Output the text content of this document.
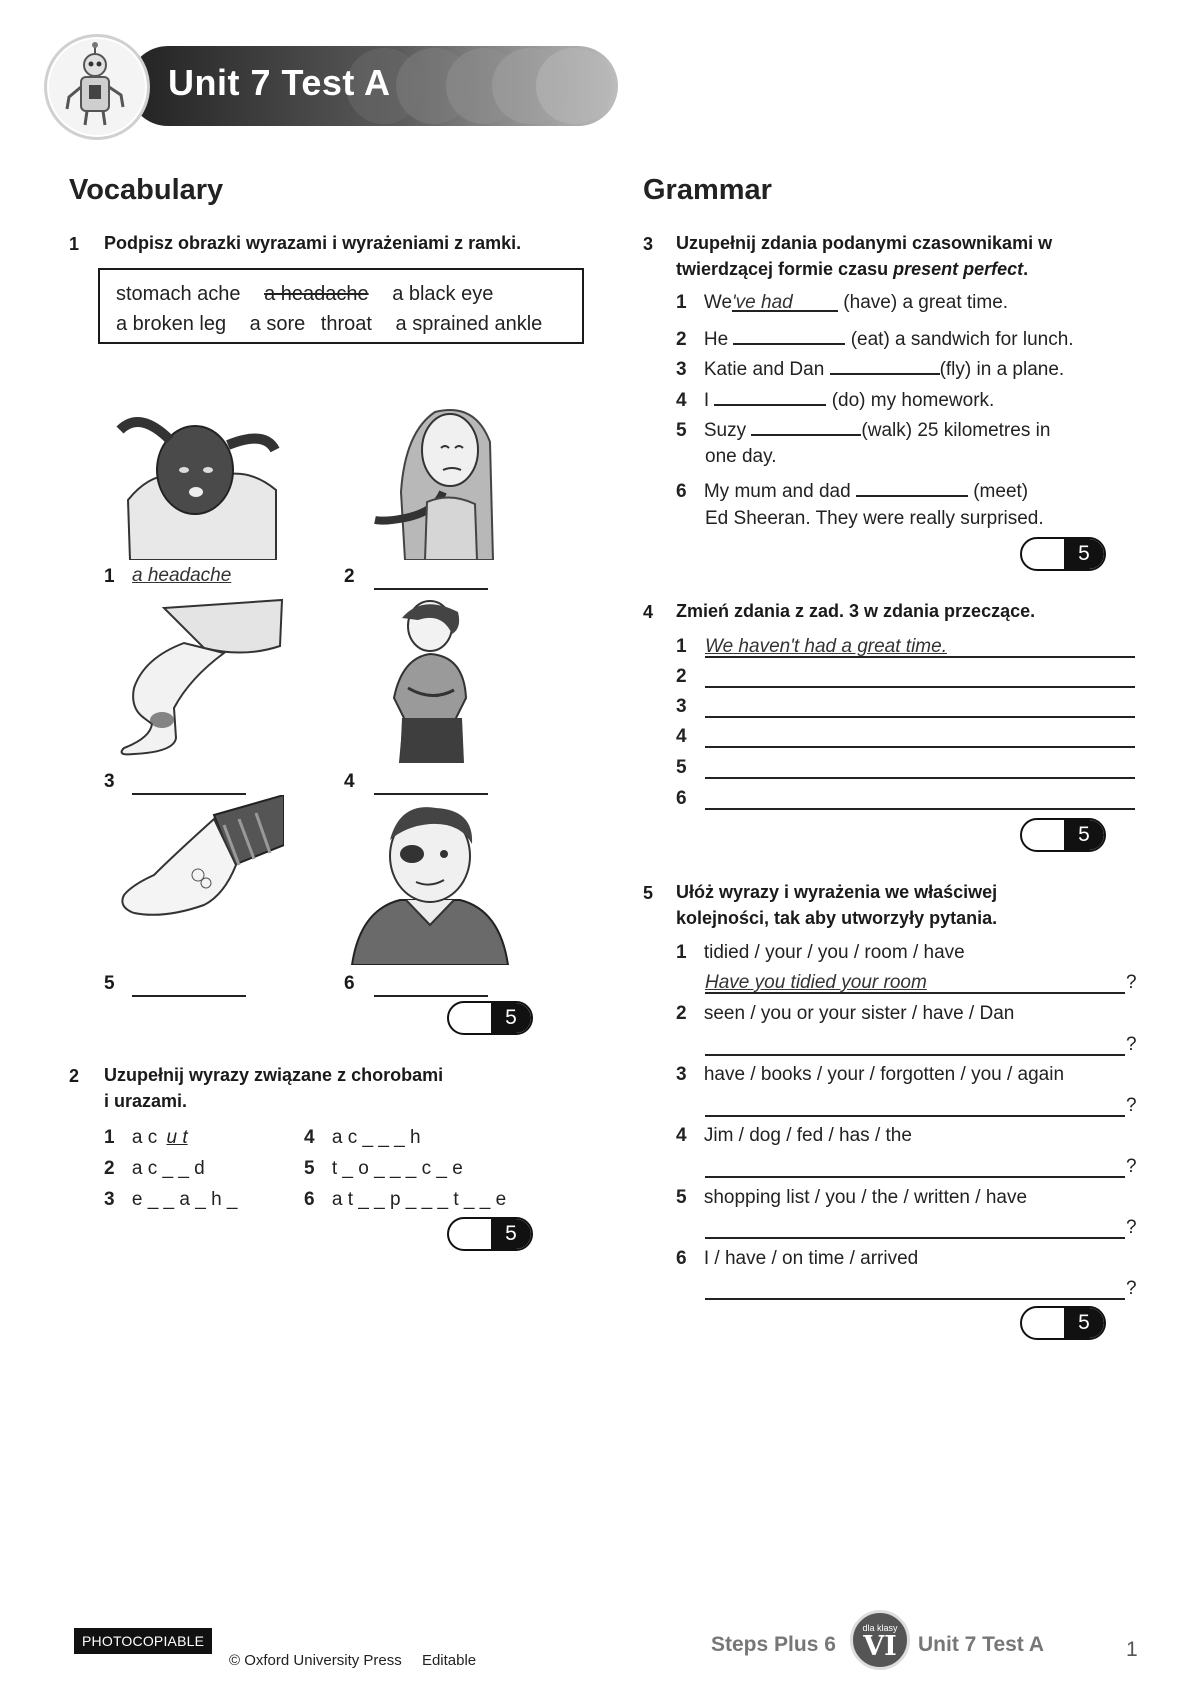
Unit 7 Test A
Vocabulary
1 Podpisz obrazki wyrazami i wyrażeniami z ramki.
stomach ache a headache a black eye
a broken leg a sore throat a sprained ankle
1 a headache	2
3	4
5	6
5
2 Uzupełnij wyrazy związane z chorobami
i urazami.
1 a c u t
2 a c _ _ d
3 e _ _ a _ h _
4 a c _ _ _ h
5 t _ o _ _ _ c _ e
6 a t _ _ p _ _ _ t _ _ e
5
Grammar
3 Uzupełnij zdania podanymi czasownikami w
twierdzącej formie czasu present perfect.
1 We've had (have) a great time.
2 He	(eat) a sandwich for lunch.
3 Katie and Dan	(fly) in a plane.
4 I	(do) my homework.
5 Suzy	(walk) 25 kilometres in
one day.
6 My mum and dad	(meet)
Ed Sheeran. They were really surprised.
5
4 Zmień zdania z zad. 3 w zdania przeczące.
1 We haven't had a great time.
2
3
4
5
6
5
5 Ułóż wyrazy i wyrażenia we właściwej
kolejności, tak aby utworzyły pytania.
1 tidied / your / you / room / have
Have you tidied your room	?
2 seen / you or your sister / have / Dan
?
3 have / books / your / forgotten / you / again
?
4 Jim / dog / fed / has / the
?
5 shopping list / you / the / written / have
?
6 I / have / on time / arrived
?
5
PHOTOCOPIABLE
© Oxford University Press Editable
Steps Plus 6
dla klasy
VI	Unit 7 Test A	1
